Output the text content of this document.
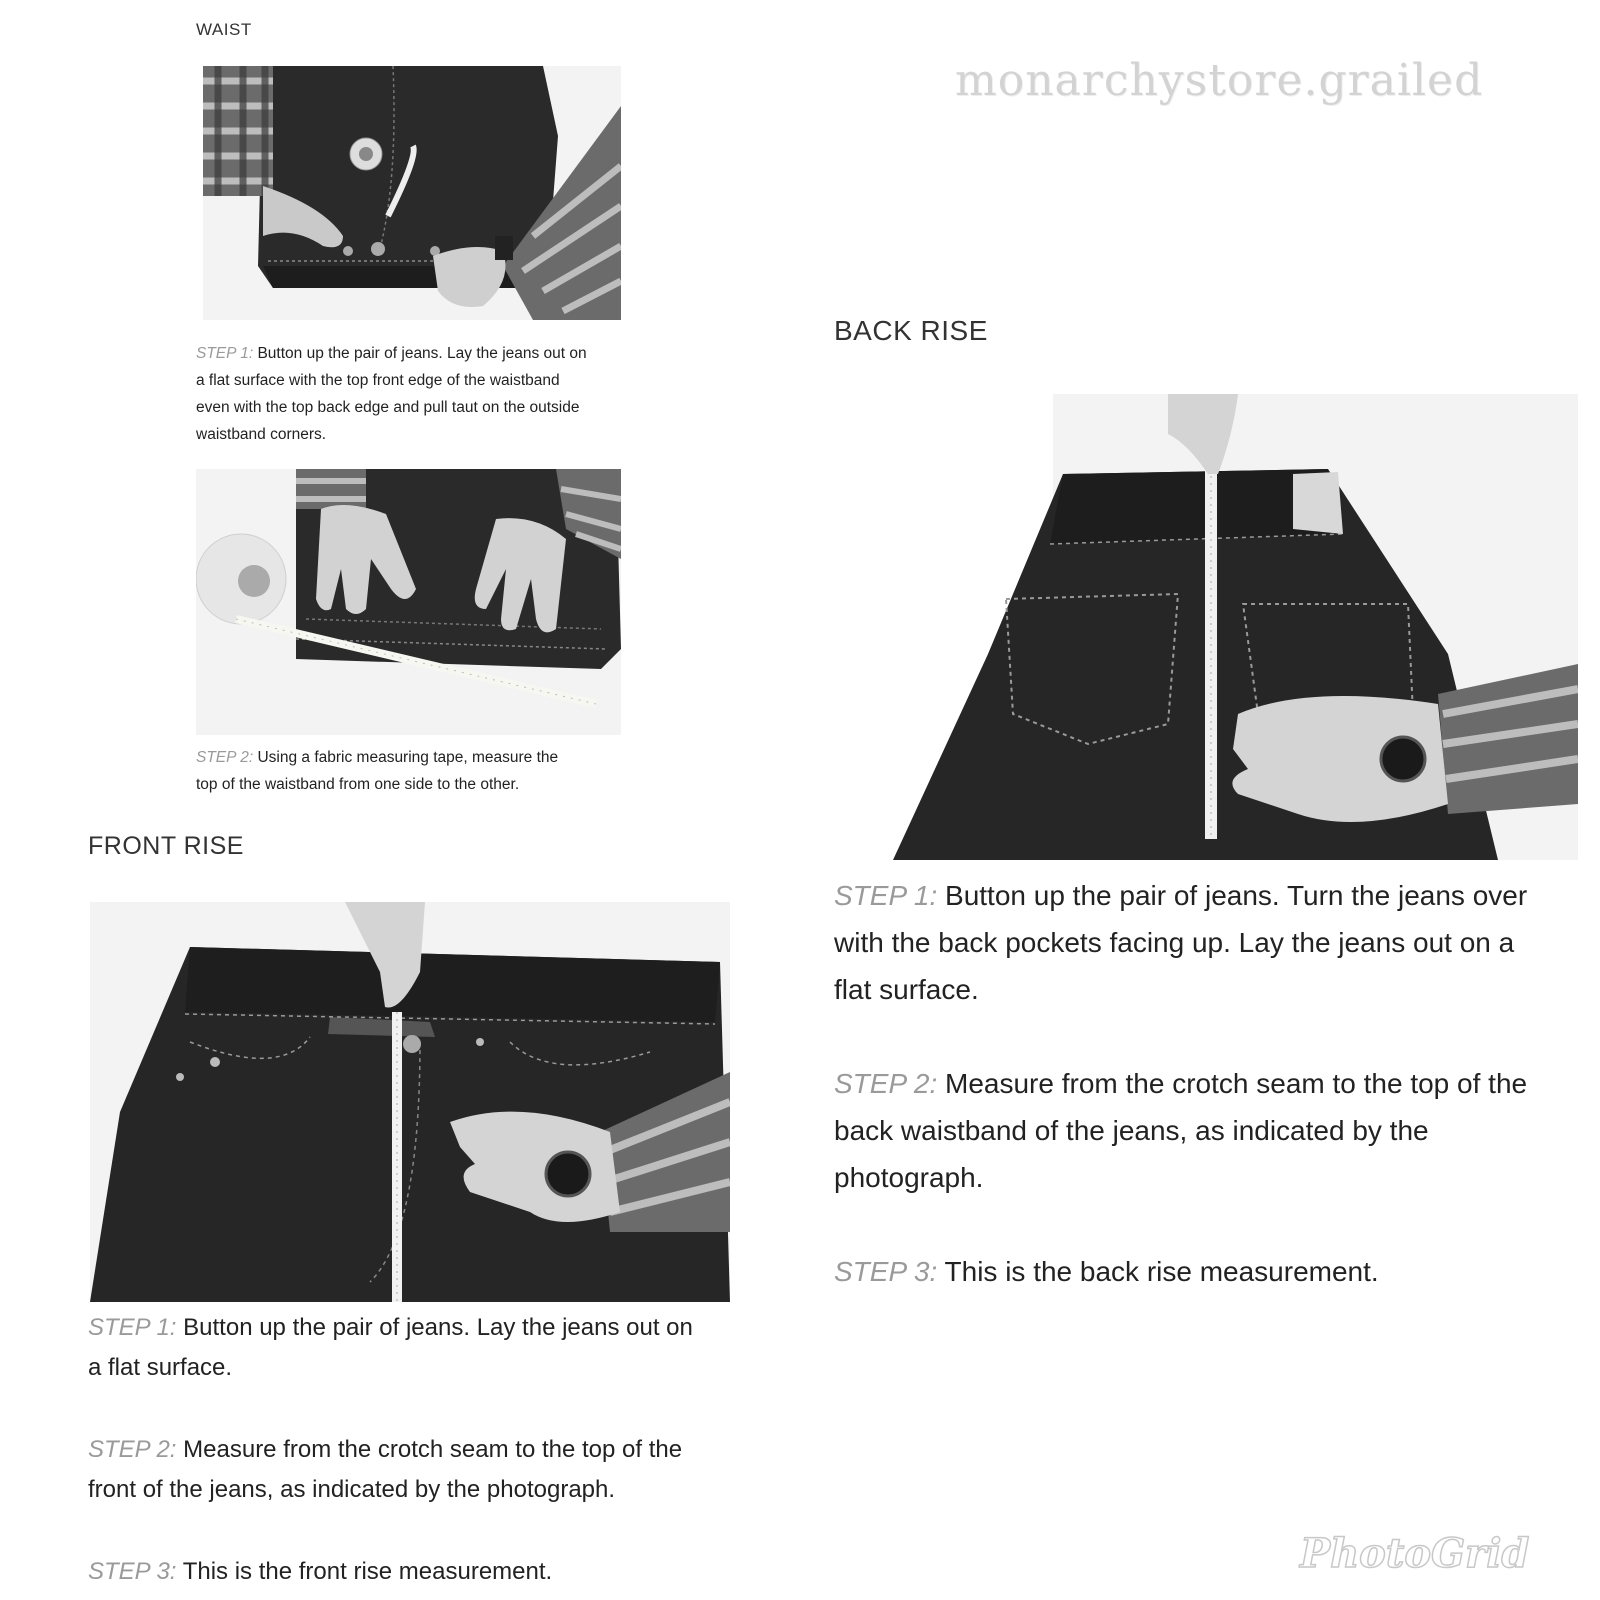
monarchystore.grailed
WAIST
STEP 1: Button up the pair of jeans. Lay the jeans out on
a flat surface with the top front edge of the waistband
even with the top back edge and pull taut on the outside
waistband corners.
STEP 2: Using a fabric measuring tape, measure the
top of the waistband from one side to the other.
FRONT RISE
STEP 1: Button up the pair of jeans. Lay the jeans out on
a flat surface.
STEP 2: Measure from the crotch seam to the top of the
front of the jeans, as indicated by the photograph.
STEP 3: This is the front rise measurement.
BACK RISE
STEP 1: Button up the pair of jeans. Turn the jeans over
with the back pockets facing up. Lay the jeans out on a
flat surface.
STEP 2: Measure from the crotch seam to the top of the
back waistband of the jeans, as indicated by the
photograph.
STEP 3: This is the back rise measurement.
PhotoGrid
